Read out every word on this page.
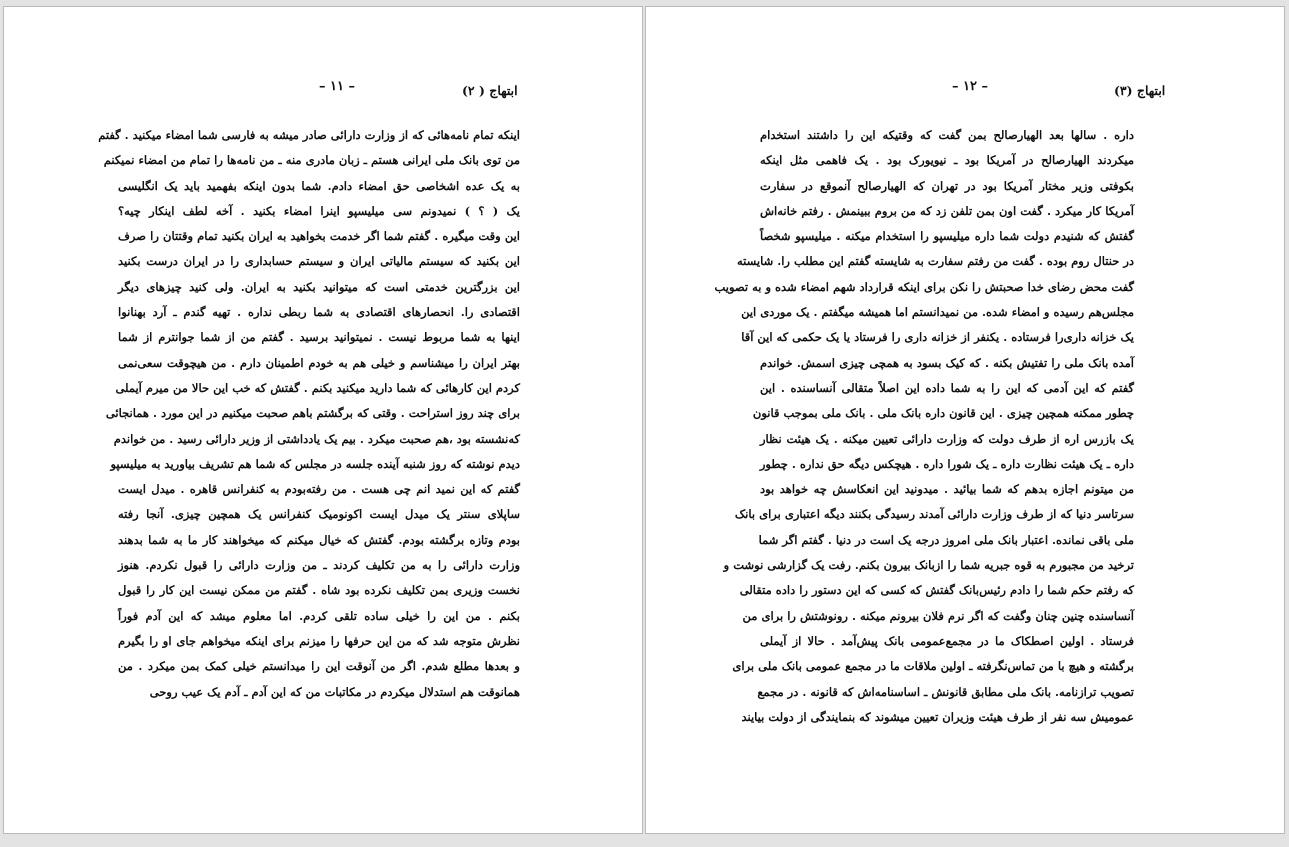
– ۱۱ –	ابتهاج ( ۲)
اینکه تمام نامه‌هائی که از وزارت دارائی صادر میشه به فارسی شما امضاء میکنید . گفتم
من توی بانک ملی ایرانی هستم ـ زبان مادری منه ـ من نامه‌ها را تمام من امضاء نمیکنم
به یک عده اشخاصی حق امضاء دادم. شما بدون اینکه بفهمید باید یک انگلیسی
یک ( ؟ ) نمیدونم سی میلیسپو اینرا امضاء بکنید . آخه لطف اینکار چیه‌؟
این وقت میگیره . گفتم شما اگر خدمت بخواهید به ایران بکنید تمام وقتتان را صرف
این بکنید که سیستم مالیاتی ایران و سیستم حسابداری را در ایران درست بکنید
این بزرگترین خدمتی است که میتوانید بکنید به ایران. ولی کنید چیزهای دیگر
اقتصادی را. انحصارهای اقتصادی به شما ربطی نداره . تهیه گندم ـ آرد بهنانوا
اینها به شما مربوط نیست . نمیتوانید برسید . گفتم من از شما جوانترم از شما
بهتر ایران را میشناسم و خیلی هم به خودم اطمینان دارم . من هیچوقت سعی‌نمی‌
کردم این کارهائی که شما دارید میکنید بکنم . گفتش که خب این حالا من میرم آیملی
برای چند روز استراحت . وقتی که برگشتم باهم صحبت میکنیم در این مورد . همانجائی
که‌نشسته بود ،هم صحبت میکرد . بیم یک یادداشتی از وزیر دارائی رسید . من خواندم
دیدم نوشته که روز شنبه آینده جلسه در مجلس که شما هم تشریف بیاورید به میلیسپو
گفتم که این نمید انم چی هست . من رفته‌بودم به کنفرانس قاهره . میدل ایست
ساپلای سنتر یک میدل ایست اکونومیک کنفرانس یک همچین چیزی. آنجا رفته
بودم وتازه برگشته بودم. گفتش که خیال میکنم که میخواهند کار ما به شما بدهند
وزارت دارائی را به من تکلیف کردند ـ من وزارت دارائی را قبول نکردم. هنوز
نخست وزیری بمن تکلیف نکرده بود شاه . گفتم من ممکن نیست این کار را قبول
بکنم . من این را خیلی ساده تلقی کردم. اما معلوم میشد که این آدم فوراً
نظرش متوجه شد که من این حرفها را میزنم برای اینکه میخواهم جای او را بگیرم
و بعدها مطلع شدم. اگر من آنوقت این را میدانستم خیلی کمک بمن میکرد . من
همانوقت هم استدلال میکردم در مکاتبات من که این آدم ـ آدم یک عیب روحی
– ۱۲ –	ابتهاج (۳)
داره . سالها بعد الهیارصالح بمن گفت که وقتیکه این را داشتند استخدام
میکردند الهیارصالح در آمریکا بود ـ نیویورک بود . یک فاهمی مثل اینکه
بکوفتی وزیر مختار آمریکا بود در تهران که الهیارصالح آنموقع در سفارت
آمریکا کار میکرد . گفت اون بمن تلفن زد که من بروم ببینمش . رفتم خانه‌اش
گفتش که شنیدم دولت شما داره میلیسپو را استخدام میکنه . میلیسپو شخصاً
در حنتال روم بوده . گفت من رفتم سفارت به شایسته گفتم این مطلب را. شایسته
گفت محض رضای خدا صحبتش را نکن برای اینکه قرارداد شهم امضاء شده و به تصویب
مجلس‌هم رسیده و امضاء شده. من نمیدانستم اما همیشه میگفتم . یک موردی این
یک خزانه داری‌را فرستاده . یکنفر از خزانه داری را فرستاد یا یک حکمی که این آقا
آمده بانک ملی را تفتیش بکنه . که کیک بسود به همچی چیزی اسمش. خواندم
گفتم که این آدمی که این را به شما داده این اصلاً متقالی آنساسنده . این
چطور ممکنه همچین چیزی . این قانون داره بانک ملی . بانک ملی بموجب قانون
یک بازرس اره از طرف دولت که وزارت دارائی تعیین میکنه . یک هیئت نظار
داره ـ یک هیئت نظارت داره ـ یک شورا داره . هیچکس دیگه حق نداره . چطور
من میتونم اجازه بدهم که شما بیائید . میدونید این انعکاسش چه خواهد بود
سرتاسر دنیا که از طرف وزارت دارائی آمدند رسیدگی بکنند دیگه اعتباری برای بانک
ملی باقی نمانده. اعتبار بانک ملی امروز درجه یک است در دنیا . گفتم اگر شما
ترخید من مجبورم به قوه جبریه شما را ازبانک بیرون بکنم. رفت یک گزارشی نوشت و
که رفتم حکم شما را دادم رئیس‌بانک گفتش که کسی که این دستور را داده متقالی
آنساسنده چنین چنان وگفت که اگر نرم فلان بیرونم میکنه . رونوشتش را برای من
فرستاد . اولین اصطکاک ما در مجمع‌عمومی بانک پیش‌آمد . حالا از آیملی
برگشته و هیچ با من تماس‌نگرفته ـ اولین ملاقات ما در مجمع عمومی بانک ملی برای
تصویب ترازنامه. بانک ملی مطابق قانونش ـ اساسنامه‌اش که قانونه . در مجمع
عمومیش سه نفر از طرف هیئت وزیران تعیین میشوند که بنمایندگی از دولت بیایند
